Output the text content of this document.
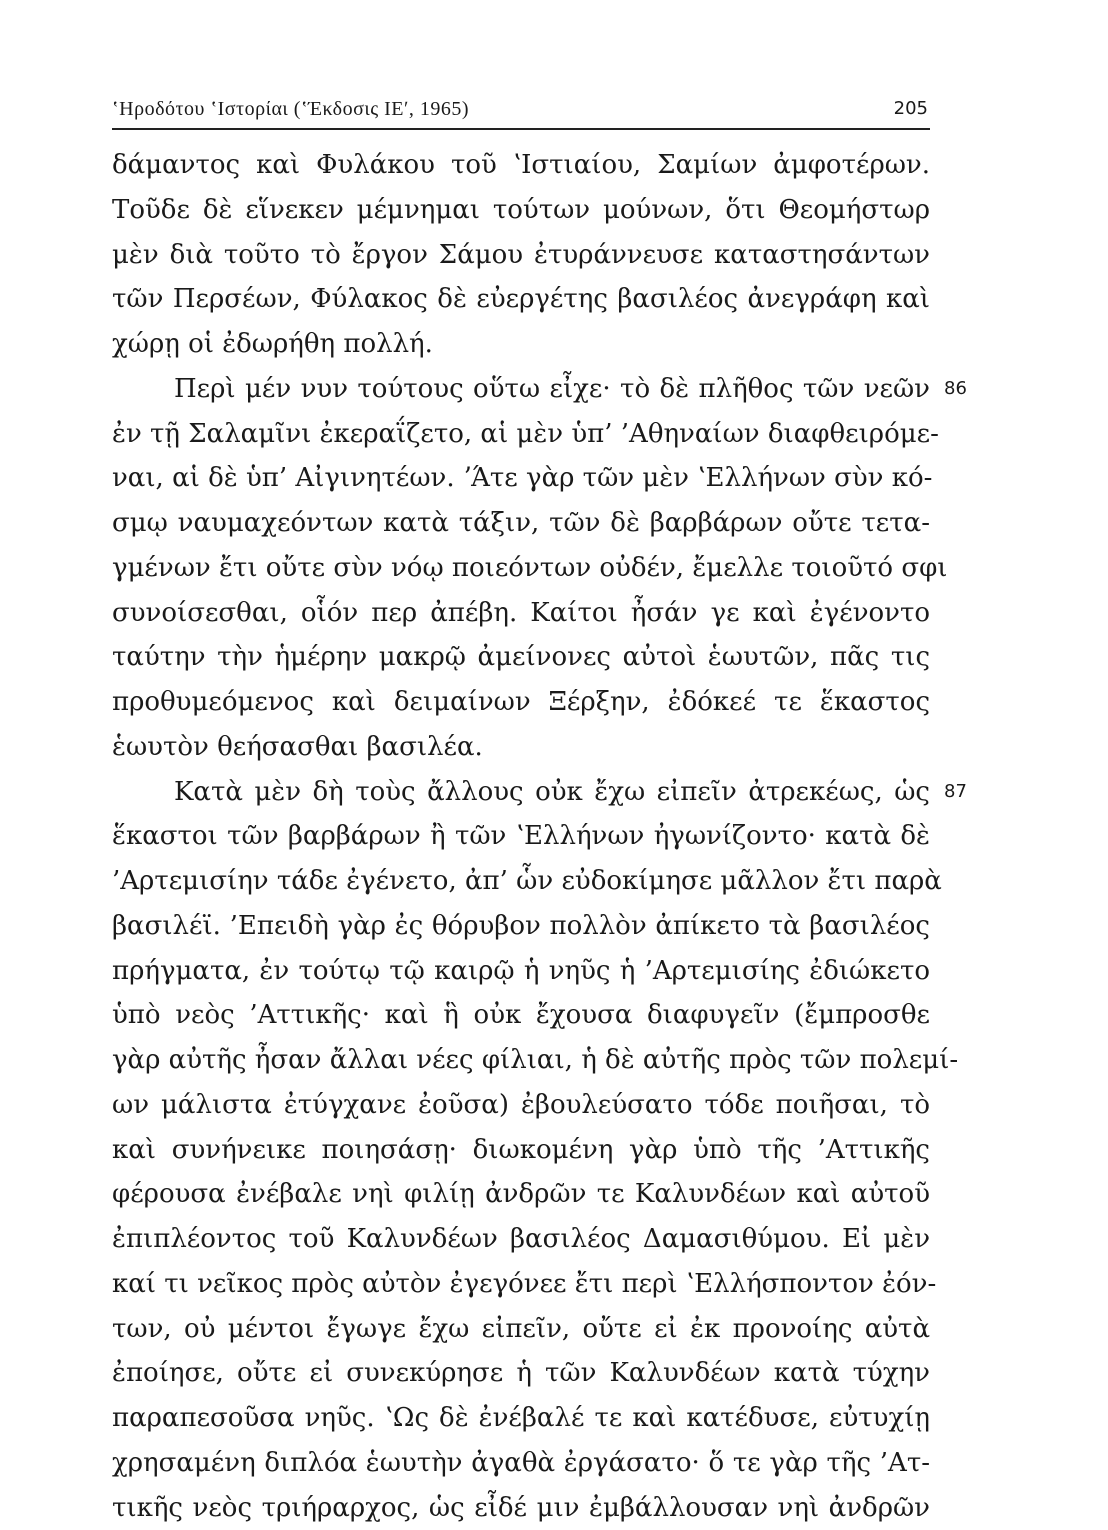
ʽΗροδότου ʽΙστορίαι (ʽΈκδοσις ΙΕʹ, 1965)	205
δάμαντος καὶ Φυλάκου τοῦ ʽΙστιαίου, Σαμίων ἀμφοτέρων.
Τοῦδε δὲ εἵνεκεν μέμνημαι τούτων μούνων, ὅτι Θεομήστωρ
μὲν διὰ τοῦτο τὸ ἔργον Σάμου ἐτυράννευσε καταστησάντων
τῶν Περσέων, Φύλακος δὲ εὐεργέτης βασιλέος ἀνεγράφη καὶ
χώρῃ οἱ ἐδωρήθη πολλή.
Περὶ μέν νυν τούτους οὕτω εἶχε· τὸ δὲ πλῆθος τῶν νεῶν 86
ἐν τῇ Σαλαμῖνι ἐκεραΐζετο, αἱ μὲν ὑπ’ ’Αθηναίων διαφθειρόμε-
ναι, αἱ δὲ ὑπ’ Αἰγινητέων. ʼΆτε γὰρ τῶν μὲν ʽΕλλήνων σὺν κό-
σμῳ ναυμαχεόντων κατὰ τάξιν, τῶν δὲ βαρβάρων οὔτε τετα-
γμένων ἔτι οὔτε σὺν νόῳ ποιεόντων οὐδέν, ἔμελλε τοιοῦτό σφι
συνοίσεσθαι, οἷόν περ ἀπέβη. Καίτοι ἦσάν γε καὶ ἐγένοντο
ταύτην τὴν ἡμέρην μακρῷ ἀμείνονες αὐτοὶ ἑωυτῶν, πᾶς τις
προθυμεόμενος καὶ δειμαίνων Ξέρξην, ἐδόκεέ τε ἕκαστος
ἑωυτὸν θεήσασθαι βασιλέα.
Κατὰ μὲν δὴ τοὺς ἄλλους οὐκ ἔχω εἰπεῖν ἀτρεκέως, ὡς 87
ἕκαστοι τῶν βαρβάρων ἢ τῶν ʽΕλλήνων ἠγωνίζοντο· κατὰ δὲ
’Αρτεμισίην τάδε ἐγένετο, ἀπ’ ὧν εὐδοκίμησε μᾶλλον ἔτι παρὰ
βασιλέϊ. ’Επειδὴ γὰρ ἐς θόρυβον πολλὸν ἀπίκετο τὰ βασιλέος
πρήγματα, ἐν τούτῳ τῷ καιρῷ ἡ νηῦς ἡ ’Αρτεμισίης ἐδιώκετο
ὑπὸ νεὸς ’Αττικῆς· καὶ ἣ οὐκ ἔχουσα διαφυγεῖν (ἔμπροσθε
γὰρ αὐτῆς ἦσαν ἄλλαι νέες φίλιαι, ἡ δὲ αὐτῆς πρὸς τῶν πολεμί-
ων μάλιστα ἐτύγχανε ἐοῦσα) ἐβουλεύσατο τόδε ποιῆσαι, τὸ
καὶ συνήνεικε ποιησάσῃ· διωκομένη γὰρ ὑπὸ τῆς ’Αττικῆς
φέρουσα ἐνέβαλε νηὶ φιλίῃ ἀνδρῶν τε Καλυνδέων καὶ αὐτοῦ
ἐπιπλέοντος τοῦ Καλυνδέων βασιλέος Δαμασιθύμου. Εἰ μὲν
καί τι νεῖκος πρὸς αὐτὸν ἐγεγόνεε ἔτι περὶ ʽΕλλήσποντον ἐόν-
των, οὐ μέντοι ἔγωγε ἔχω εἰπεῖν, οὔτε εἰ ἐκ προνοίης αὐτὰ
ἐποίησε, οὔτε εἰ συνεκύρησε ἡ τῶν Καλυνδέων κατὰ τύχην
παραπεσοῦσα νηῦς. ʽΩς δὲ ἐνέβαλέ τε καὶ κατέδυσε, εὐτυχίῃ
χρησαμένη διπλόα ἑωυτὴν ἀγαθὰ ἐργάσατο· ὅ τε γὰρ τῆς ’Ατ-
τικῆς νεὸς τριήραρχος, ὡς εἶδέ μιν ἐμβάλλουσαν νηὶ ἀνδρῶν
